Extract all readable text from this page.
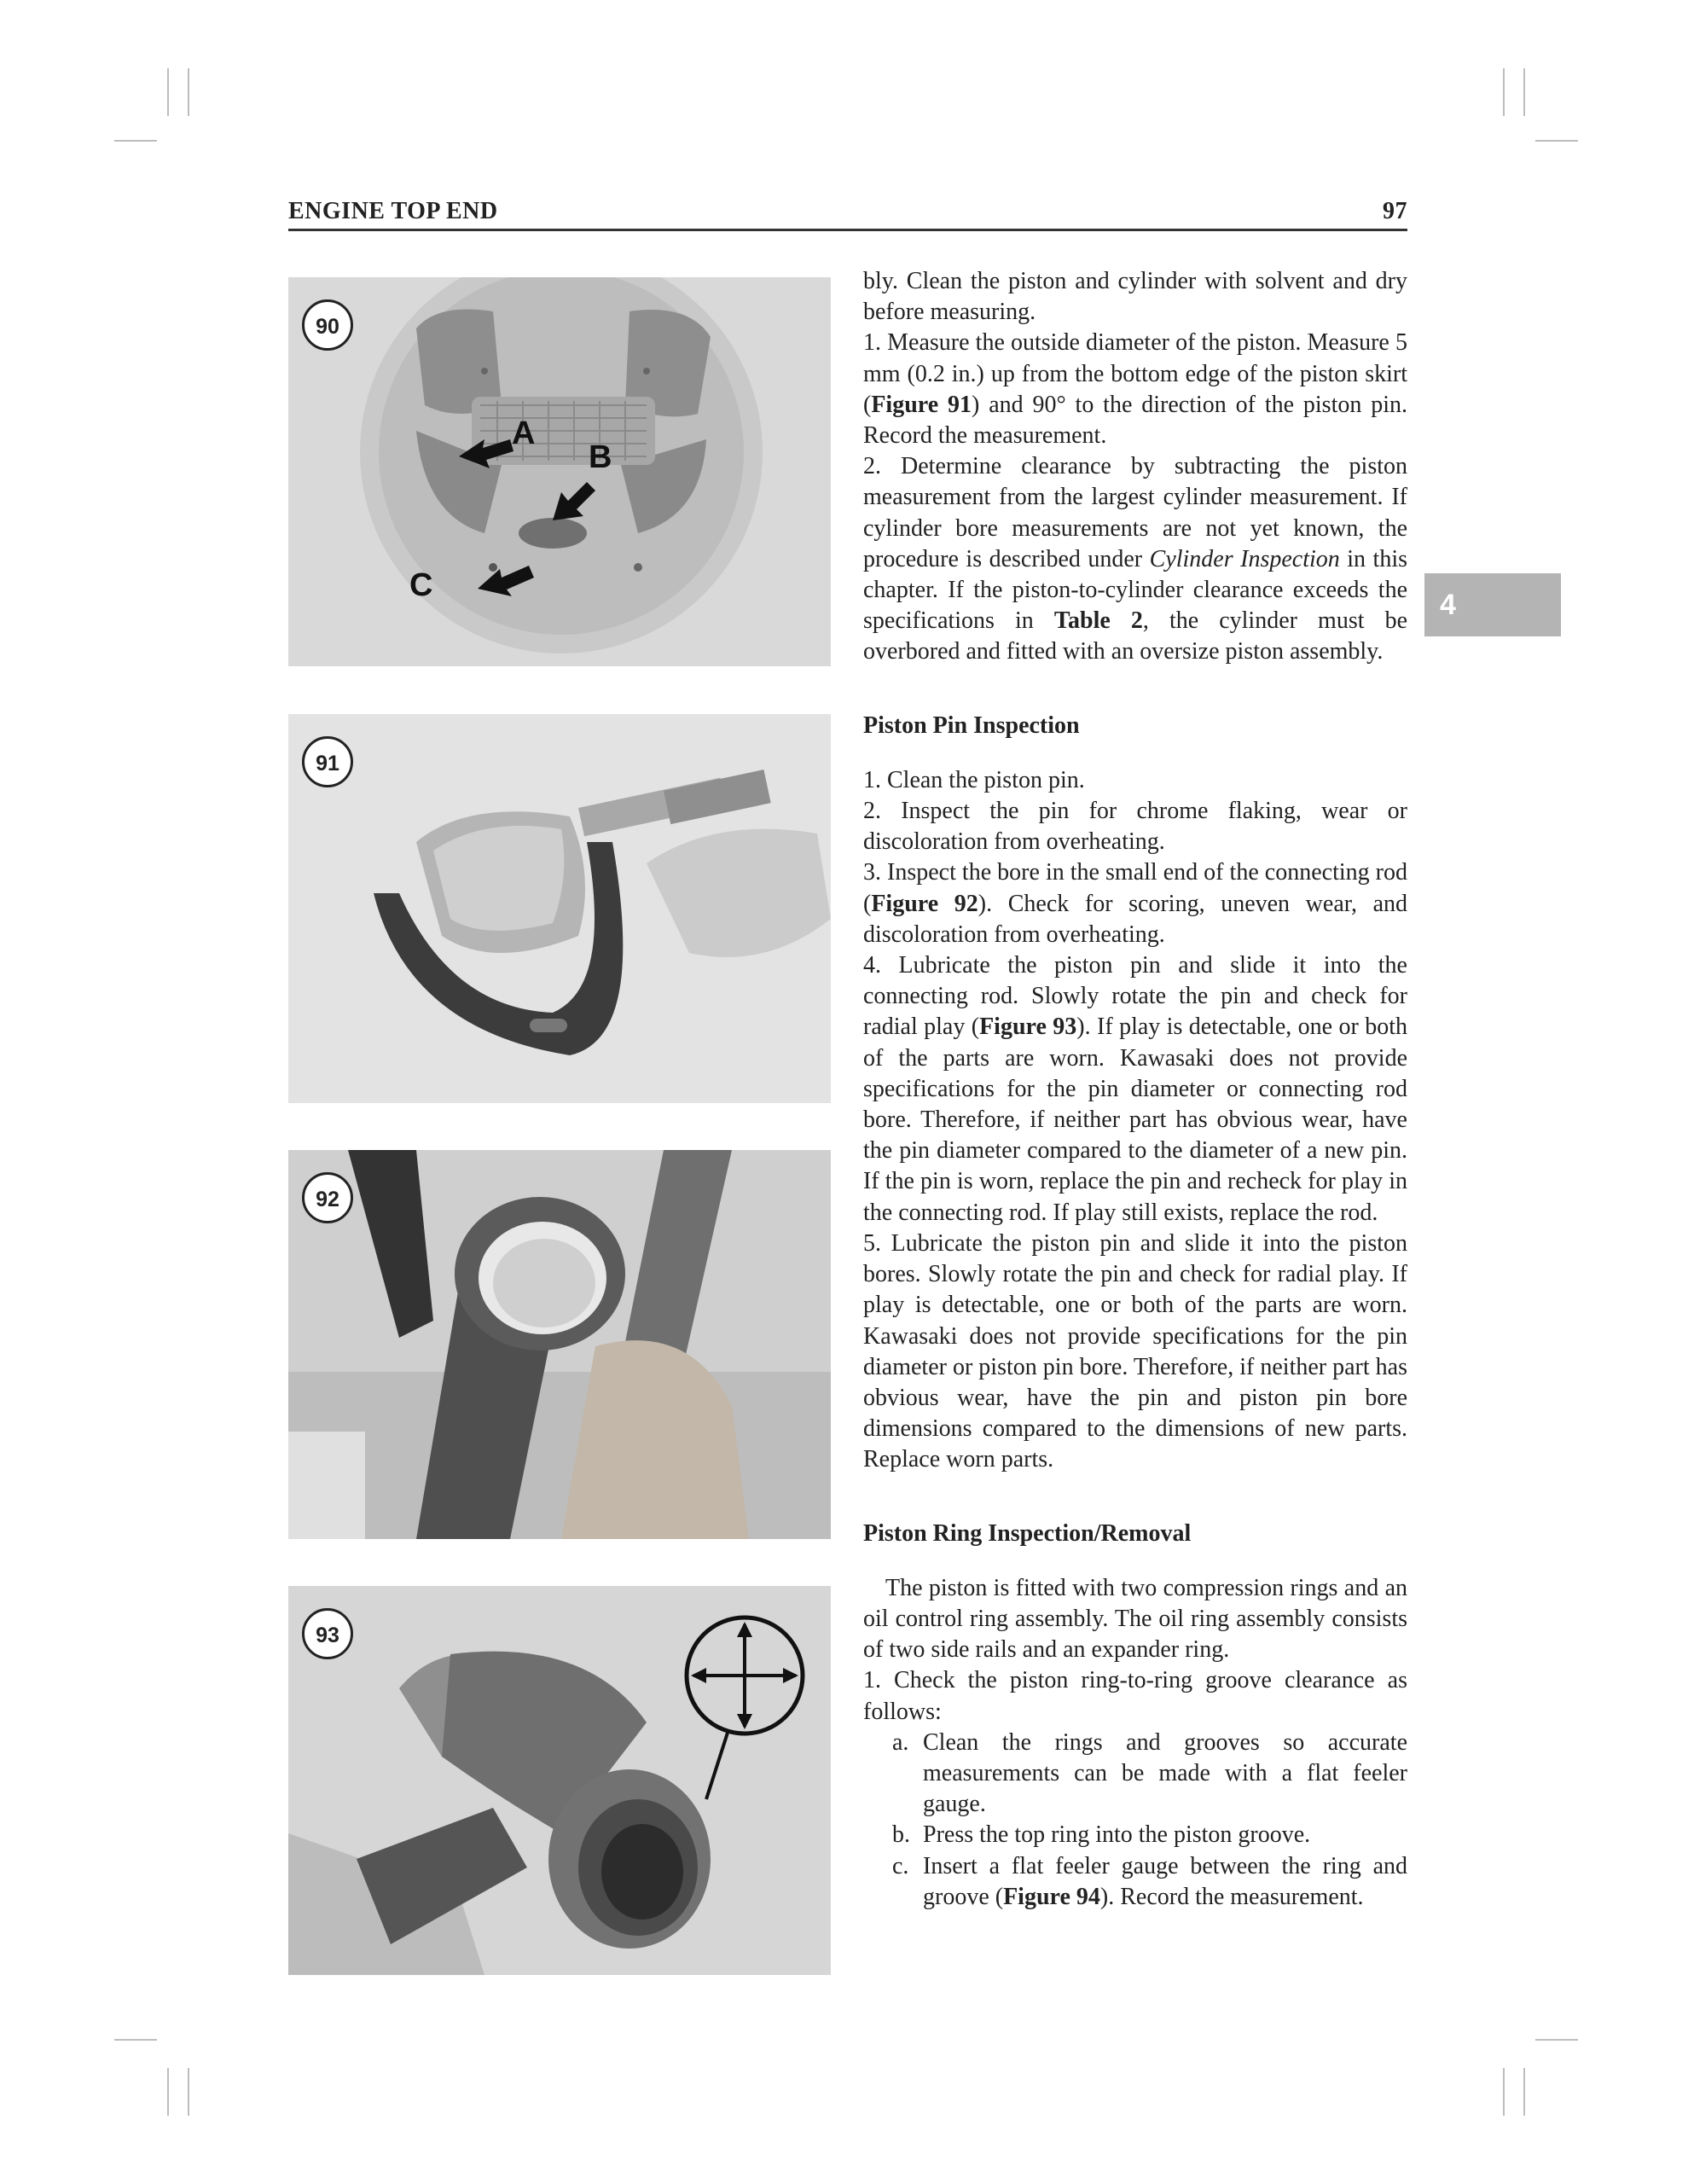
ENGINE TOP END	97
90
A
B
C
91
92
93
4

bly. Clean the piston and cylinder with solvent and dry before measuring.

1. Measure the outside diameter of the piston. Measure 5 mm (0.2 in.) up from the bottom edge of the piston skirt (Figure 91) and 90° to the direction of the piston pin. Record the measurement.

2. Determine clearance by subtracting the piston measurement from the largest cylinder measurement. If cylinder bore measurements are not yet known, the procedure is described under Cylinder Inspection in this chapter. If the piston-to-cylinder clearance exceeds the specifications in Table 2, the cylinder must be overbored and fitted with an oversize piston assembly.

Piston Pin Inspection

1. Clean the piston pin.

2. Inspect the pin for chrome flaking, wear or discoloration from overheating.

3. Inspect the bore in the small end of the connecting rod (Figure 92). Check for scoring, uneven wear, and discoloration from overheating.

4. Lubricate the piston pin and slide it into the connecting rod. Slowly rotate the pin and check for radial play (Figure 93). If play is detectable, one or both of the parts are worn. Kawasaki does not provide specifications for the pin diameter or connecting rod bore. Therefore, if neither part has obvious wear, have the pin diameter compared to the diameter of a new pin. If the pin is worn, replace the pin and recheck for play in the connecting rod. If play still exists, replace the rod.

5. Lubricate the piston pin and slide it into the piston bores. Slowly rotate the pin and check for radial play. If play is detectable, one or both of the parts are worn. Kawasaki does not provide specifications for the pin diameter or piston pin bore. Therefore, if neither part has obvious wear, have the pin and piston pin bore dimensions compared to the dimensions of new parts. Replace worn parts.

Piston Ring Inspection/Removal

The piston is fitted with two compression rings and an oil control ring assembly. The oil ring assembly consists of two side rails and an expander ring.

1. Check the piston ring-to-ring groove clearance as follows:

a. Clean the rings and grooves so accurate measurements can be made with a flat feeler gauge.
b. Press the top ring into the piston groove.
c. Insert a flat feeler gauge between the ring and groove (Figure 94). Record the measurement.
